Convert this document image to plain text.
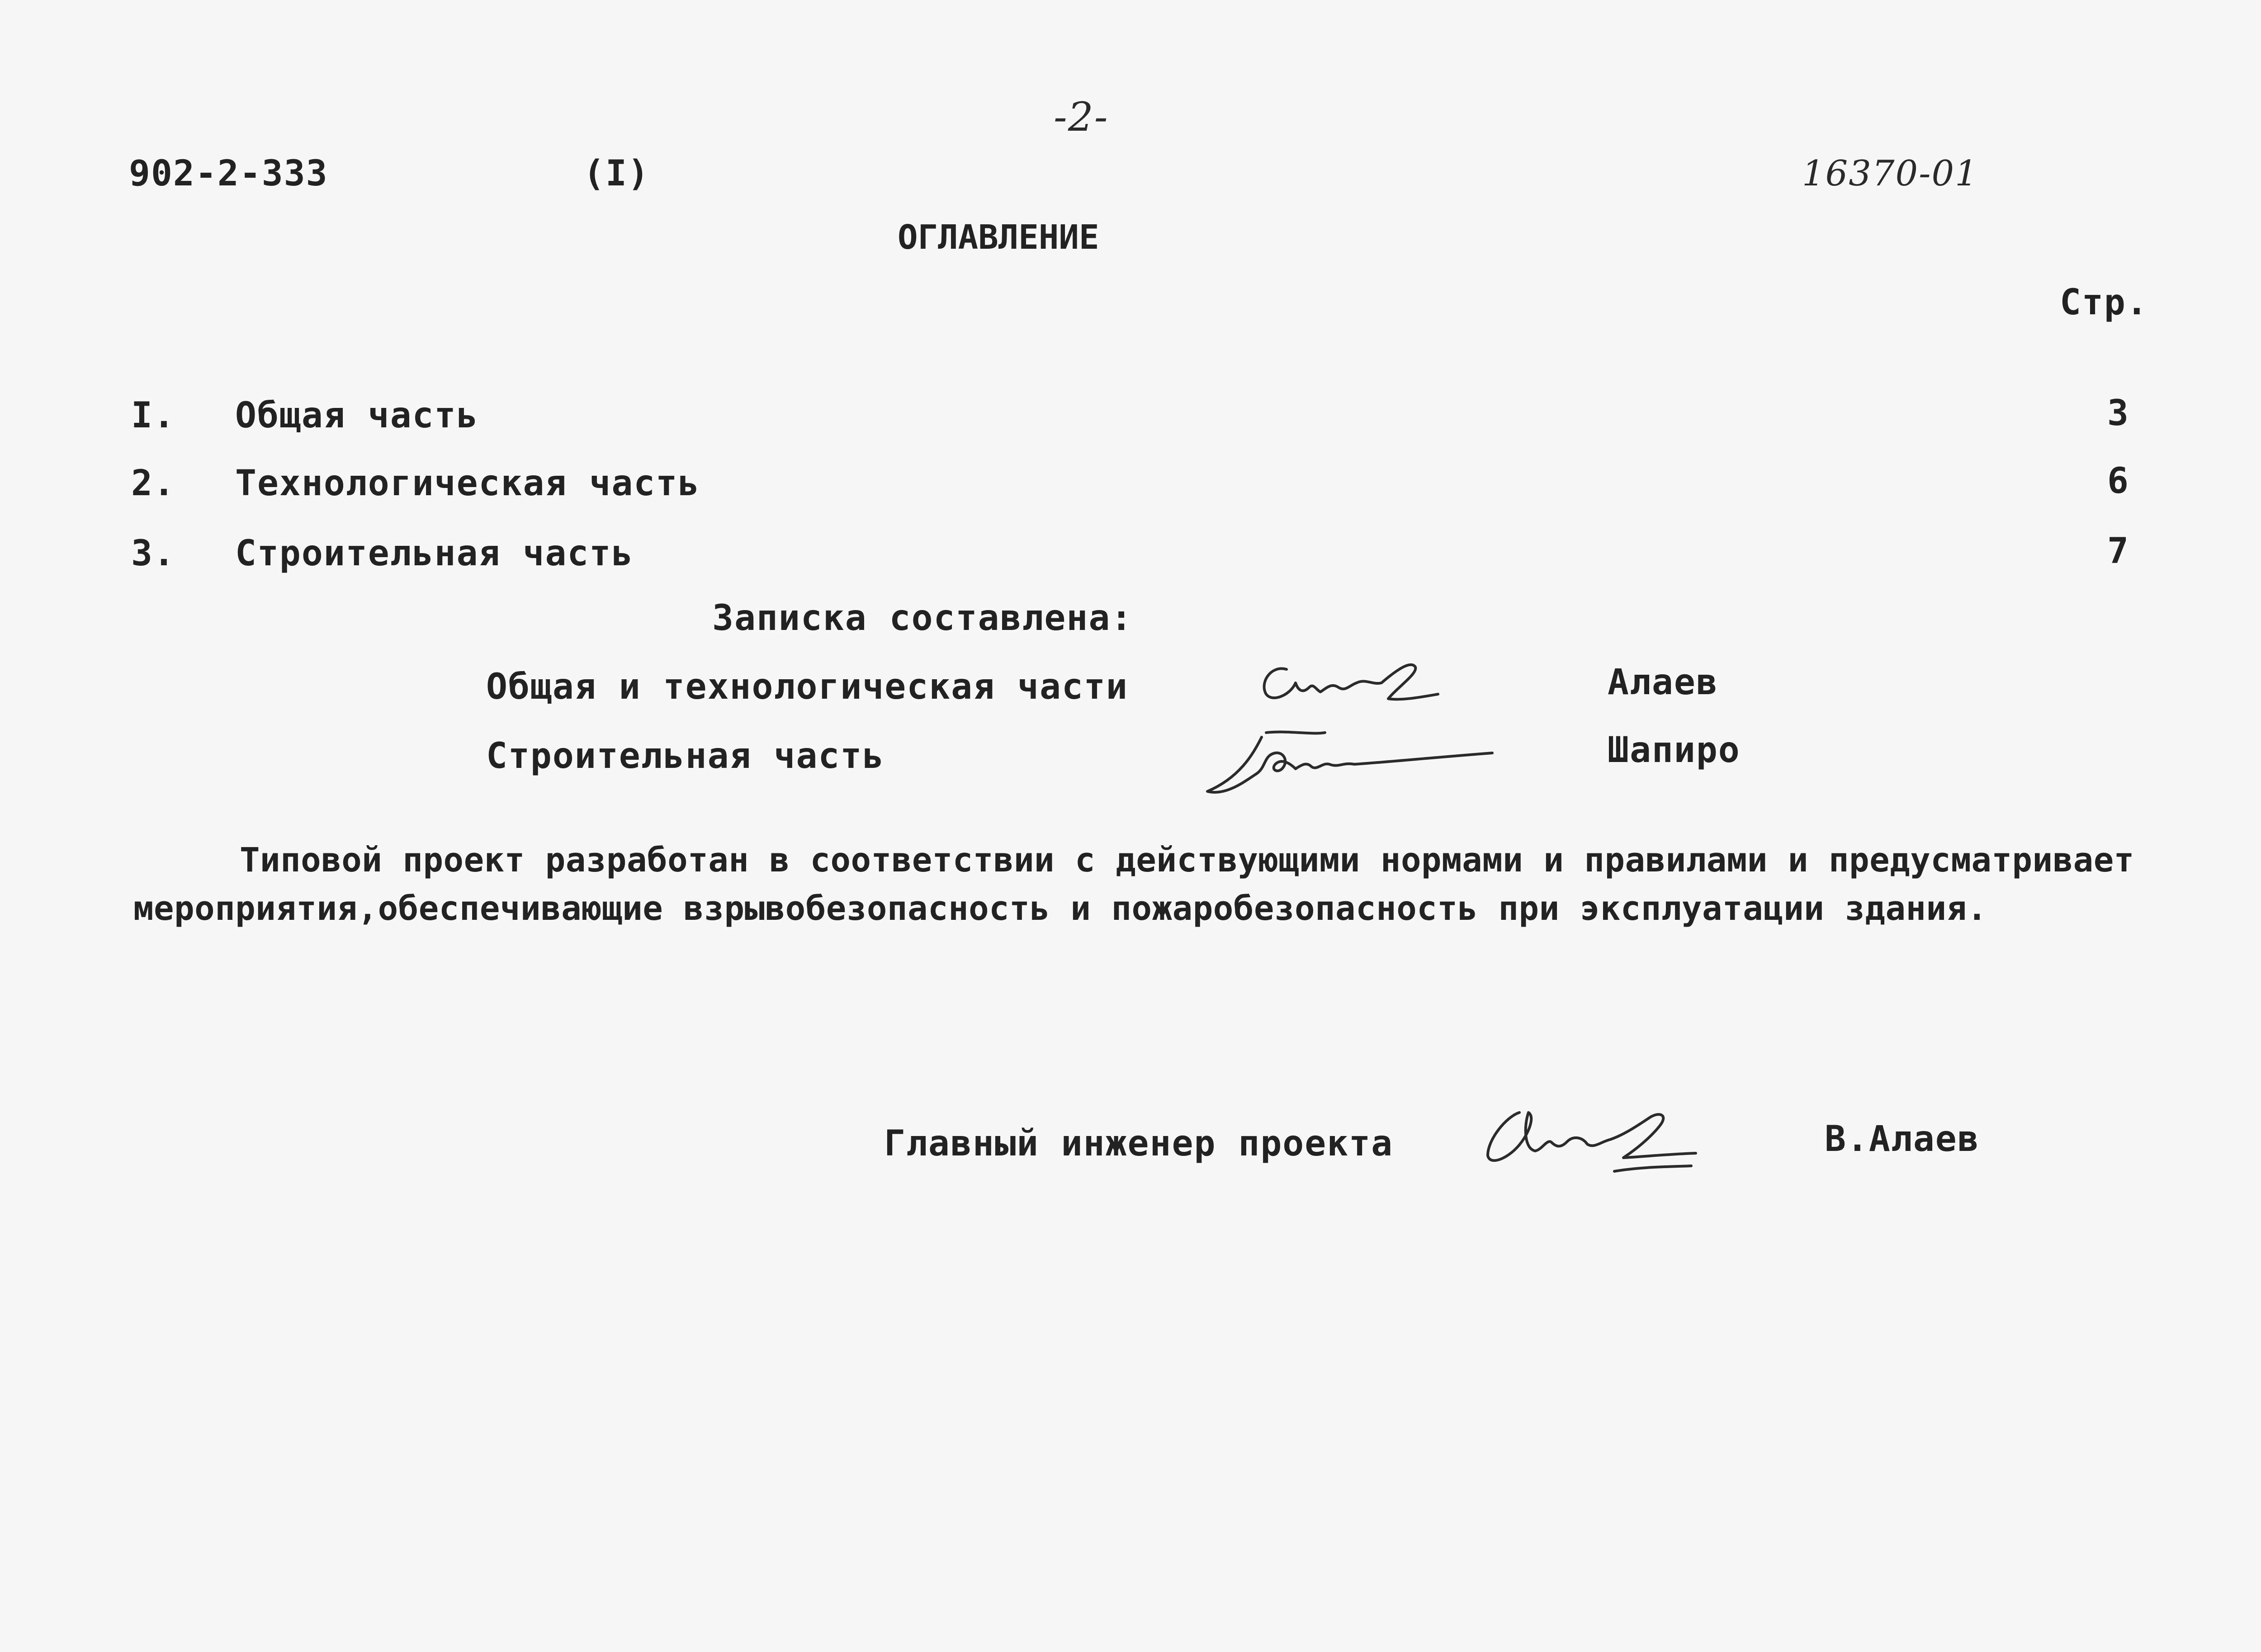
-2-
902-2-333	(I)	16370-01
ОГЛАВЛЕНИЕ
Стр.
I. Общая часть	3
2. Технологическая часть	6
3. Строительная часть	7
Записка составлена:
Общая и технологическая части	Алаев
Строительная часть	Шапиро
Типовой проект разработан в соответствии с действующими нормами и правилами и предусматривает
мероприятия,обеспечивающие взрывобезопасность и пожаробезопасность при эксплуатации здания.
Главный инженер проекта	В.Алаев
